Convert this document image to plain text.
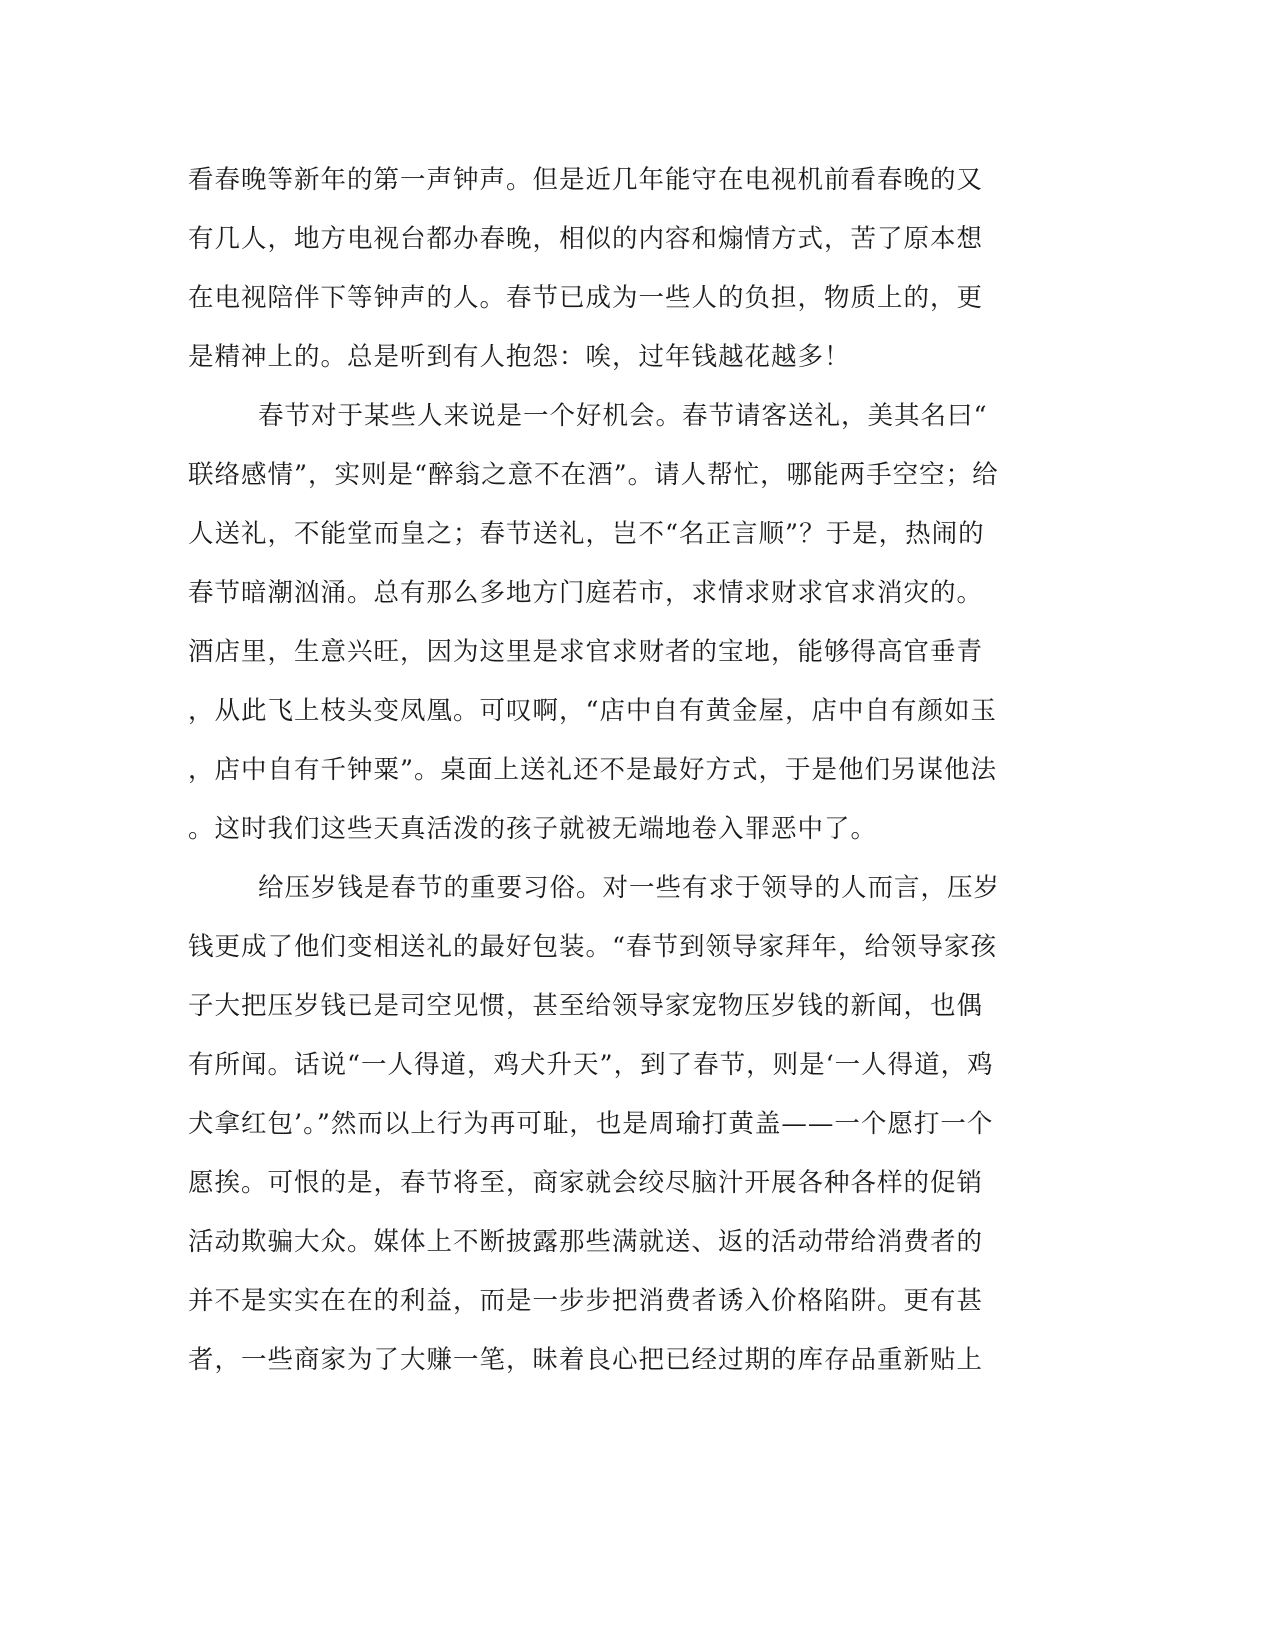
看春晚等新年的第一声钟声。但是近几年能守在电视机前看春晚的又

有几人，地方电视台都办春晚，相似的内容和煽情方式，苦了原本想

在电视陪伴下等钟声的人。春节已成为一些人的负担，物质上的，更

是精神上的。总是听到有人抱怨：唉，过年钱越花越多！

春节对于某些人来说是一个好机会。春节请客送礼，美其名曰“

联络感情”，实则是“醉翁之意不在酒”。请人帮忙，哪能两手空空；给

人送礼，不能堂而皇之；春节送礼，岂不“名正言顺”？于是，热闹的

春节暗潮汹涌。总有那么多地方门庭若市，求情求财求官求消灾的。

酒店里，生意兴旺，因为这里是求官求财者的宝地，能够得高官垂青

，从此飞上枝头变凤凰。可叹啊，“店中自有黄金屋，店中自有颜如玉

，店中自有千钟粟”。桌面上送礼还不是最好方式，于是他们另谋他法

。这时我们这些天真活泼的孩子就被无端地卷入罪恶中了。

给压岁钱是春节的重要习俗。对一些有求于领导的人而言，压岁

钱更成了他们变相送礼的最好包装。“春节到领导家拜年，给领导家孩

子大把压岁钱已是司空见惯，甚至给领导家宠物压岁钱的新闻，也偶

有所闻。话说“一人得道，鸡犬升天”，到了春节，则是‘一人得道，鸡

犬拿红包’。”然而以上行为再可耻，也是周瑜打黄盖——一个愿打一个

愿挨。可恨的是，春节将至，商家就会绞尽脑汁开展各种各样的促销

活动欺骗大众。媒体上不断披露那些满就送、返的活动带给消费者的

并不是实实在在的利益，而是一步步把消费者诱入价格陷阱。更有甚

者，一些商家为了大赚一笔，昧着良心把已经过期的库存品重新贴上
